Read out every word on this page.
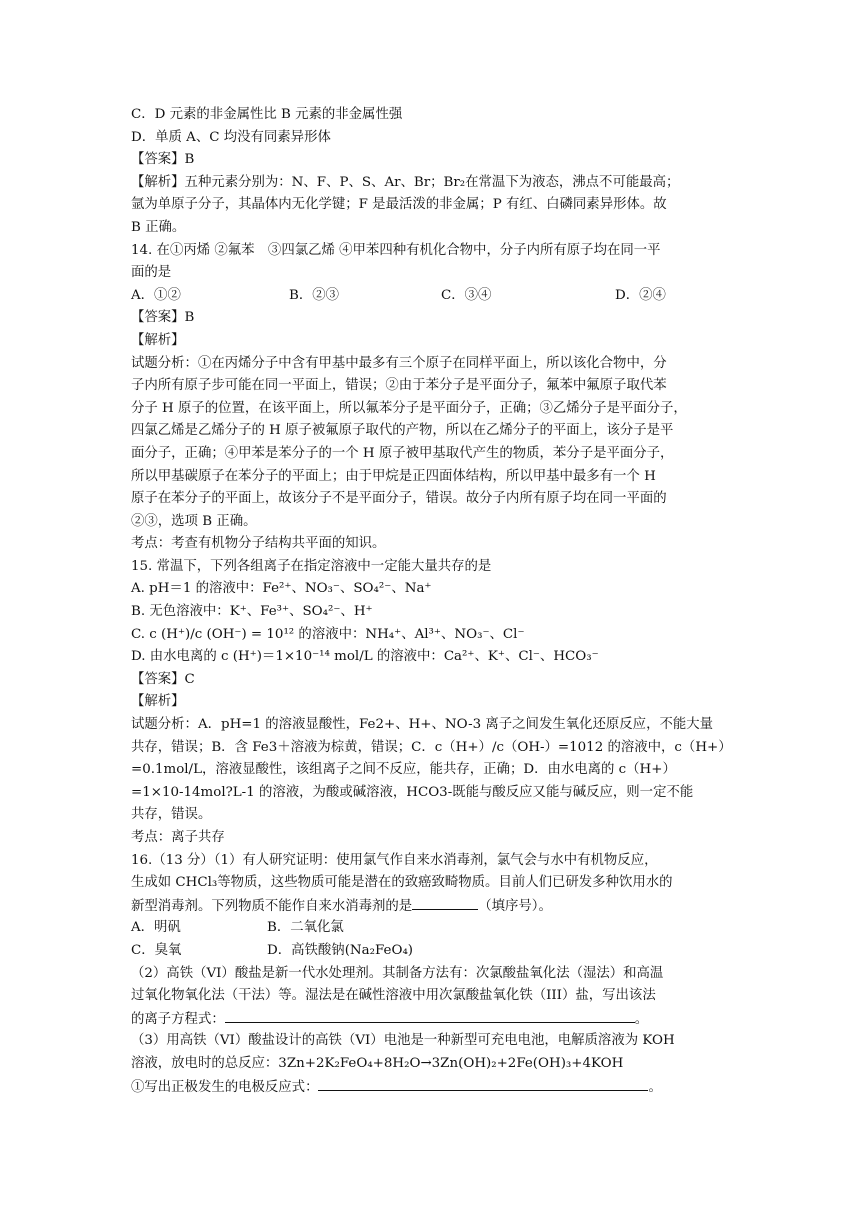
C．D 元素的非金属性比 B 元素的非金属性强
D．单质 A、C 均没有同素异形体
【答案】B
【解析】五种元素分别为：N、F、P、S、Ar、Br；Br₂在常温下为液态，沸点不可能最高；
氩为单原子分子，其晶体内无化学键；F 是最活泼的非金属；P 有红、白磷同素异形体。故
B 正确。
14. 在①丙烯 ②氟苯　③四氯乙烯 ④甲苯四种有机化合物中，分子内所有原子均在同一平
面的是
A．①②	B．②③	C．③④	D．②④
【答案】B
【解析】
试题分析：①在丙烯分子中含有甲基中最多有三个原子在同样平面上，所以该化合物中，分
子内所有原子步可能在同一平面上，错误；②由于苯分子是平面分子，氟苯中氟原子取代苯
分子 H 原子的位置，在该平面上，所以氟苯分子是平面分子，正确；③乙烯分子是平面分子，
四氯乙烯是乙烯分子的 H 原子被氟原子取代的产物，所以在乙烯分子的平面上，该分子是平
面分子，正确；④甲苯是苯分子的一个 H 原子被甲基取代产生的物质，苯分子是平面分子，
所以甲基碳原子在苯分子的平面上；由于甲烷是正四面体结构，所以甲基中最多有一个 H
原子在苯分子的平面上，故该分子不是平面分子，错误。故分子内所有原子均在同一平面的
②③，选项 B 正确。
考点：考查有机物分子结构共平面的知识。
15. 常温下，下列各组离子在指定溶液中一定能大量共存的是
A. pH＝1 的溶液中：Fe²⁺、NO₃⁻、SO₄²⁻、Na⁺
B. 无色溶液中：K⁺、Fe³⁺、SO₄²⁻、H⁺
C. c (H⁺)/c (OH⁻) = 10¹² 的溶液中：NH₄⁺、Al³⁺、NO₃⁻、Cl⁻
D. 由水电离的 c (H⁺)＝1×10⁻¹⁴ mol/L 的溶液中：Ca²⁺、K⁺、Cl⁻、HCO₃⁻
【答案】C
【解析】
试题分析：A．pH=1 的溶液显酸性，Fe2+、H+、NO-3 离子之间发生氧化还原反应，不能大量
共存，错误；B．含 Fe3＋溶液为棕黄，错误；C．c（H+）/c（OH-）=1012 的溶液中，c（H+）
=0.1mol/L，溶液显酸性，该组离子之间不反应，能共存，正确；D．由水电离的 c（H+）
=1×10-14mol?L-1 的溶液，为酸或碱溶液，HCO3-既能与酸反应又能与碱反应，则一定不能
共存，错误。
考点：离子共存
16.（13 分）（1）有人研究证明：使用氯气作自来水消毒剂，氯气会与水中有机物反应，
生成如 CHCl₃等物质，这些物质可能是潜在的致癌致畸物质。目前人们已研发多种饮用水的
新型消毒剂。下列物质不能作自来水消毒剂的是	（填序号）。
A．明矾	B．二氧化氯
C．臭氧	D．高铁酸钠(Na₂FeO₄)
（2）高铁（VI）酸盐是新一代水处理剂。其制备方法有：次氯酸盐氧化法（湿法）和高温
过氧化物氧化法（干法）等。湿法是在碱性溶液中用次氯酸盐氧化铁（III）盐，写出该法
的离子方程式：	。
（3）用高铁（VI）酸盐设计的高铁（VI）电池是一种新型可充电电池，电解质溶液为 KOH
溶液，放电时的总反应：3Zn+2K₂FeO₄+8H₂O→3Zn(OH)₂+2Fe(OH)₃+4KOH
①写出正极发生的电极反应式：	。
